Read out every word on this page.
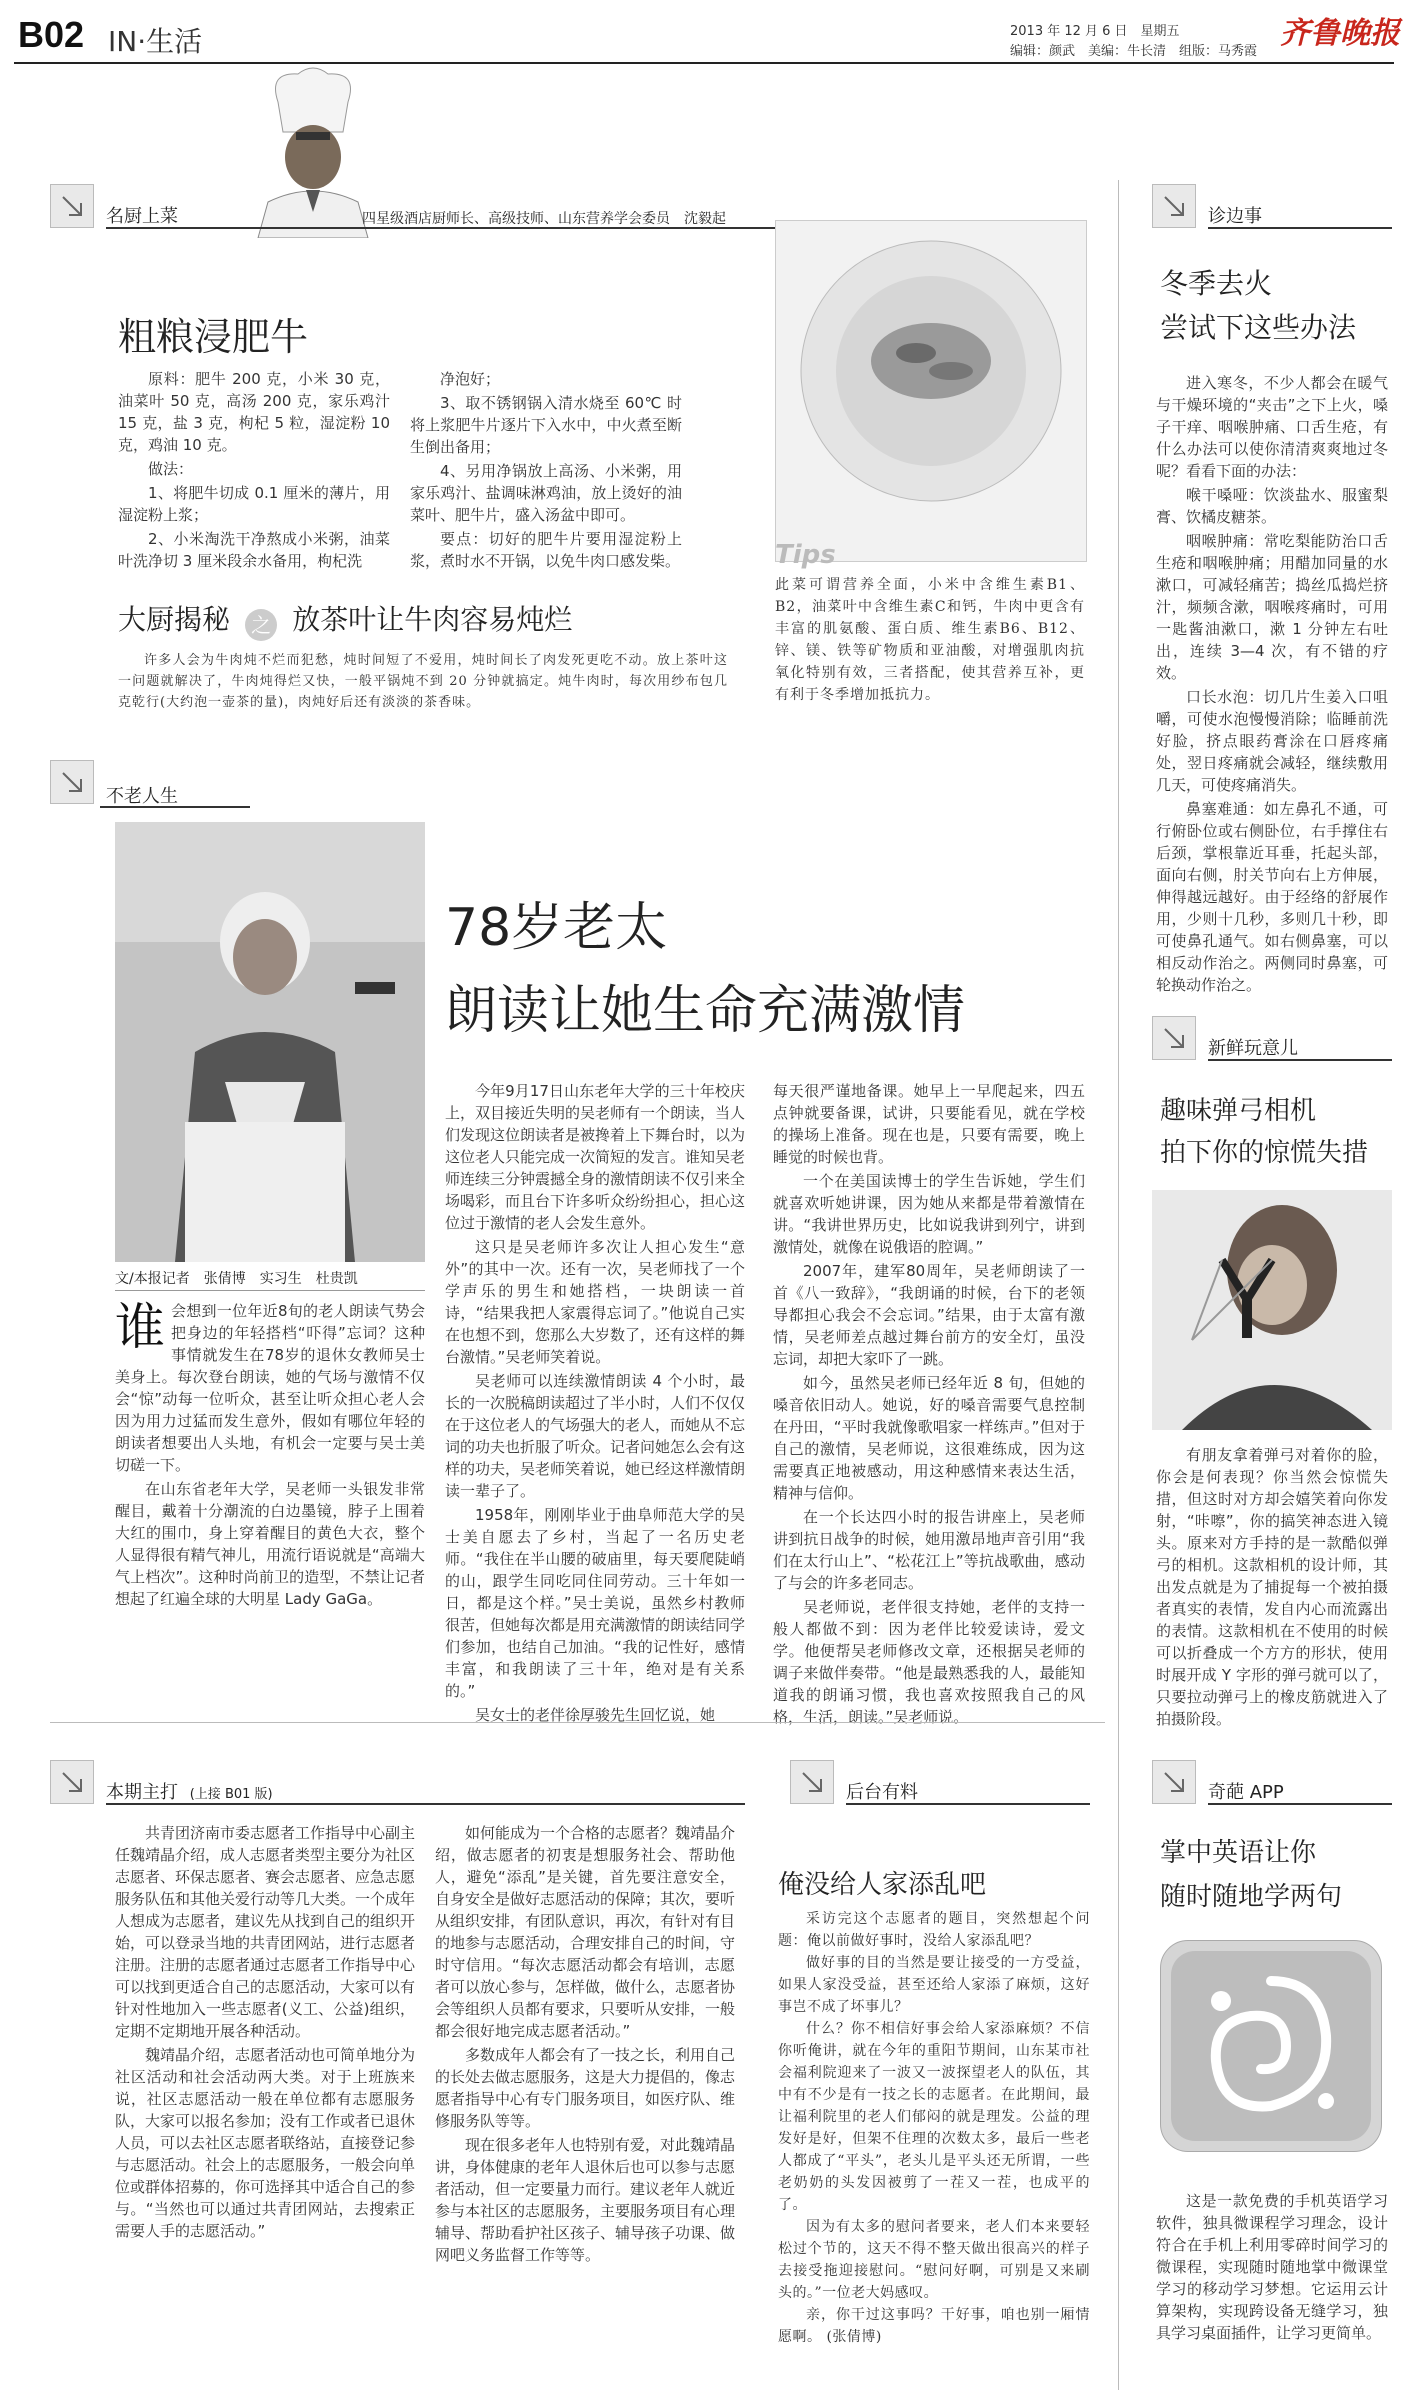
B02 IN·生活	2013 年 12 月 6 日　星期五	齐鲁晚报
编辑：颜武　美编：牛长清　组版：马秀霞
名厨上菜	四星级酒店厨师长、高级技师、山东营养学会委员　沈毅起
粗粮浸肥牛

原料：肥牛 200 克，小米 30 克，油菜叶 50 克，高汤 200 克，家乐鸡汁 15 克，盐 3 克，枸杞 5 粒，湿淀粉 10 克，鸡油 10 克。

做法：

1、将肥牛切成 0.1 厘米的薄片，用湿淀粉上浆；

2、小米淘洗干净熬成小米粥，油菜叶洗净切 3 厘米段余水备用，枸杞洗

净泡好；

3、取不锈钢锅入清水烧至 60℃ 时将上浆肥牛片逐片下入水中，中火煮至断生倒出备用；

4、另用净锅放上高汤、小米粥，用家乐鸡汁、盐调味淋鸡油，放上烫好的油菜叶、肥牛片，盛入汤盆中即可。

要点：切好的肥牛片要用湿淀粉上浆，煮时水不开锅，以免牛肉口感发柴。	Tips
此菜可谓营养全面，小米中含维生素B1、B2，油菜叶中含维生素C和钙，牛肉中更含有丰富的肌氨酸、蛋白质、维生素B6、B12、锌、镁、铁等矿物质和亚油酸，对增强肌肉抗氧化特别有效，三者搭配，使其营养互补，更有利于冬季增加抵抗力。
大厨揭秘 之 放茶叶让牛肉容易炖烂
许多人会为牛肉炖不烂而犯愁，炖时间短了不爱用，炖时间长了肉发死更吃不动。放上茶叶这一问题就解决了，牛肉炖得烂又快，一般平锅炖不到 20 分钟就搞定。炖牛肉时，每次用纱布包几克乾行(大约泡一壶茶的量)，肉炖好后还有淡淡的茶香味。
诊边事
冬季去火
尝试下这些办法

进入寒冬，不少人都会在暖气与干燥环境的“夹击”之下上火，嗓子干痒、咽喉肿痛、口舌生疮，有什么办法可以使你清清爽爽地过冬呢？看看下面的办法：

喉干嗓哑：饮淡盐水、服蜜梨膏、饮橘皮糖茶。

咽喉肿痛：常吃梨能防治口舌生疮和咽喉肿痛；用醋加同量的水漱口，可减轻痛苦；捣丝瓜捣烂挤汁，频频含漱，咽喉疼痛时，可用一匙酱油漱口，漱 1 分钟左右吐出，连续 3—4 次，有不错的疗效。

口长水泡：切几片生姜入口咀嚼，可使水泡慢慢消除；临睡前洗好脸，挤点眼药膏涂在口唇疼痛处，翌日疼痛就会减轻，继续敷用几天，可使疼痛消失。

鼻塞难通：如左鼻孔不通，可行俯卧位或右侧卧位，右手撑住右后颈，掌根靠近耳垂，托起头部，面向右侧，肘关节向右上方伸展，伸得越远越好。由于经络的舒展作用，少则十几秒，多则几十秒，即可使鼻孔通气。如右侧鼻塞，可以相反动作治之。两侧同时鼻塞，可轮换动作治之。

不老人生
78岁老太
朗读让她生命充满激情
文/本报记者　张倩博　实习生　杜贵凯

谁 会想到一位年近8旬的老人朗读气势会把身边的年轻搭档“吓得”忘词？这种事情就发生在78岁的退休女教师吴士美身上。每次登台朗读，她的气场与激情不仅会“惊”动每一位听众，甚至让听众担心老人会因为用力过猛而发生意外，假如有哪位年轻的朗读者想要出人头地，有机会一定要与吴士美切磋一下。

在山东省老年大学，吴老师一头银发非常醒目，戴着十分潮流的白边墨镜，脖子上围着大红的围巾，身上穿着醒目的黄色大衣，整个人显得很有精气神儿，用流行语说就是“高端大气上档次”。这种时尚前卫的造型，不禁让记者想起了红遍全球的大明星 Lady GaGa。

今年9月17日山东老年大学的三十年校庆上，双目接近失明的吴老师有一个朗读，当人们发现这位朗读者是被搀着上下舞台时，以为这位老人只能完成一次简短的发言。谁知吴老师连续三分钟震撼全身的激情朗读不仅引来全场喝彩，而且台下许多听众纷纷担心，担心这位过于激情的老人会发生意外。

这只是吴老师许多次让人担心发生“意外”的其中一次。还有一次，吴老师找了一个学声乐的男生和她搭档，一块朗读一首诗，“结果我把人家震得忘词了。”他说自己实在也想不到，您那么大岁数了，还有这样的舞台激情。”吴老师笑着说。

吴老师可以连续激情朗读 4 个小时，最长的一次脱稿朗读超过了半小时，人们不仅仅在于这位老人的气场强大的老人，而她从不忘词的功夫也折服了听众。记者问她怎么会有这样的功夫，吴老师笑着说，她已经这样激情朗读一辈子了。

1958年，刚刚毕业于曲阜师范大学的吴士美自愿去了乡村，当起了一名历史老师。“我住在半山腰的破庙里，每天要爬陡峭的山，跟学生同吃同住同劳动。三十年如一日，都是这个样。”吴士美说，虽然乡村教师很苦，但她每次都是用充满激情的朗读结同学们参加，也结自己加油。“我的记性好，感情丰富，和我朗读了三十年，绝对是有关系的。”

吴女士的老伴徐厚骏先生回忆说，她

每天很严谨地备课。她早上一早爬起来，四五点钟就要备课，试讲，只要能看见，就在学校的操场上准备。现在也是，只要有需要，晚上睡觉的时候也背。

一个在美国读博士的学生告诉她，学生们就喜欢听她讲课，因为她从来都是带着激情在讲。“我讲世界历史，比如说我讲到列宁，讲到激情处，就像在说俄语的腔调。”

2007年，建军80周年，吴老师朗读了一首《八一致辞》，“我朗诵的时候，台下的老领导都担心我会不会忘词。”结果，由于太富有激情，吴老师差点越过舞台前方的安全灯，虽没忘词，却把大家吓了一跳。

如今，虽然吴老师已经年近 8 旬，但她的嗓音依旧动人。她说，好的嗓音需要气息控制在丹田，“平时我就像歌唱家一样练声。”但对于自己的激情，吴老师说，这很难练成，因为这需要真正地被感动，用这种感情来表达生活，精神与信仰。

在一个长达四小时的报告讲座上，吴老师讲到抗日战争的时候，她用激昂地声音引用“我们在太行山上”、“松花江上”等抗战歌曲，感动了与会的许多老同志。

吴老师说，老伴很支持她，老伴的支持一般人都做不到：因为老伴比较爱读诗，爱文学。他便帮吴老师修改文章，还根据吴老师的调子来做伴奏带。“他是最熟悉我的人，最能知道我的朗诵习惯，我也喜欢按照我自己的风格，生活，朗读。”吴老师说。

新鲜玩意儿
趣味弹弓相机
拍下你的惊慌失措

有朋友拿着弹弓对着你的脸，你会是何表现？你当然会惊慌失措，但这时对方却会嬉笑着向你发射，“咔嚓”，你的搞笑神态进入镜头。原来对方手持的是一款酷似弹弓的相机。这款相机的设计师，其出发点就是为了捕捉每一个被拍摄者真实的表情，发自内心而流露出的表情。这款相机在不使用的时候可以折叠成一个方方的形状，使用时展开成 Y 字形的弹弓就可以了，只要拉动弹弓上的橡皮筋就进入了拍摄阶段。

本期主打 (上接 B01 版)

共青团济南市委志愿者工作指导中心副主任魏靖晶介绍，成人志愿者类型主要分为社区志愿者、环保志愿者、赛会志愿者、应急志愿服务队伍和其他关爱行动等几大类。一个成年人想成为志愿者，建议先从找到自己的组织开始，可以登录当地的共青团网站，进行志愿者注册。注册的志愿者通过志愿者工作指导中心可以找到更适合自己的志愿活动，大家可以有针对性地加入一些志愿者(义工、公益)组织，定期不定期地开展各种活动。

魏靖晶介绍，志愿者活动也可简单地分为社区活动和社会活动两大类。对于上班族来说，社区志愿活动一般在单位都有志愿服务队，大家可以报名参加；没有工作或者已退休人员，可以去社区志愿者联络站，直接登记参与志愿活动。社会上的志愿服务，一般会向单位或群体招募的，你可选择其中适合自己的参与。“当然也可以通过共青团网站，去搜索正需要人手的志愿活动。”

如何能成为一个合格的志愿者？魏靖晶介绍，做志愿者的初衷是想服务社会、帮助他人，避免“添乱”是关键，首先要注意安全，自身安全是做好志愿活动的保障；其次，要听从组织安排，有团队意识，再次，有针对有目的地参与志愿活动，合理安排自己的时间，守时守信用。“每次志愿活动都会有培训，志愿者可以放心参与，怎样做，做什么，志愿者协会等组织人员都有要求，只要听从安排，一般都会很好地完成志愿者活动。”

多数成年人都会有了一技之长，利用自己的长处去做志愿服务，这是大力提倡的，像志愿者指导中心有专门服务项目，如医疗队、维修服务队等等。

现在很多老年人也特别有爱，对此魏靖晶讲，身体健康的老年人退休后也可以参与志愿者活动，但一定要量力而行。建议老年人就近参与本社区的志愿服务，主要服务项目有心理辅导、帮助看护社区孩子、辅导孩子功课、做网吧义务监督工作等等。

后台有料
俺没给人家添乱吧

采访完这个志愿者的题目，突然想起个问题：俺以前做好事时，没给人家添乱吧？

做好事的目的当然是要让接受的一方受益，如果人家没受益，甚至还给人家添了麻烦，这好事岂不成了坏事儿？

什么？你不相信好事会给人家添麻烦？不信你听俺讲，就在今年的重阳节期间，山东某市社会福利院迎来了一波又一波探望老人的队伍，其中有不少是有一技之长的志愿者。在此期间，最让福利院里的老人们郁闷的就是理发。公益的理发好是好，但架不住理的次数太多，最后一些老人都成了“平头”，老头儿是平头还无所谓，一些老奶奶的头发因被剪了一茬又一茬，也成平的了。

因为有太多的慰问者要来，老人们本来要轻松过个节的，这天不得不整天做出很高兴的样子去接受拖迎接慰问。“慰问好啊，可别是又来刷头的。”一位老大妈感叹。

亲，你干过这事吗？干好事，咱也别一厢情愿啊。 (张倩博)

奇葩 APP
掌中英语让你
随时随地学两句

这是一款免费的手机英语学习软件，独具微课程学习理念，设计符合在手机上利用零碎时间学习的微课程，实现随时随地掌中微课堂学习的移动学习梦想。它运用云计算架构，实现跨设备无缝学习，独具学习桌面插件，让学习更简单。
